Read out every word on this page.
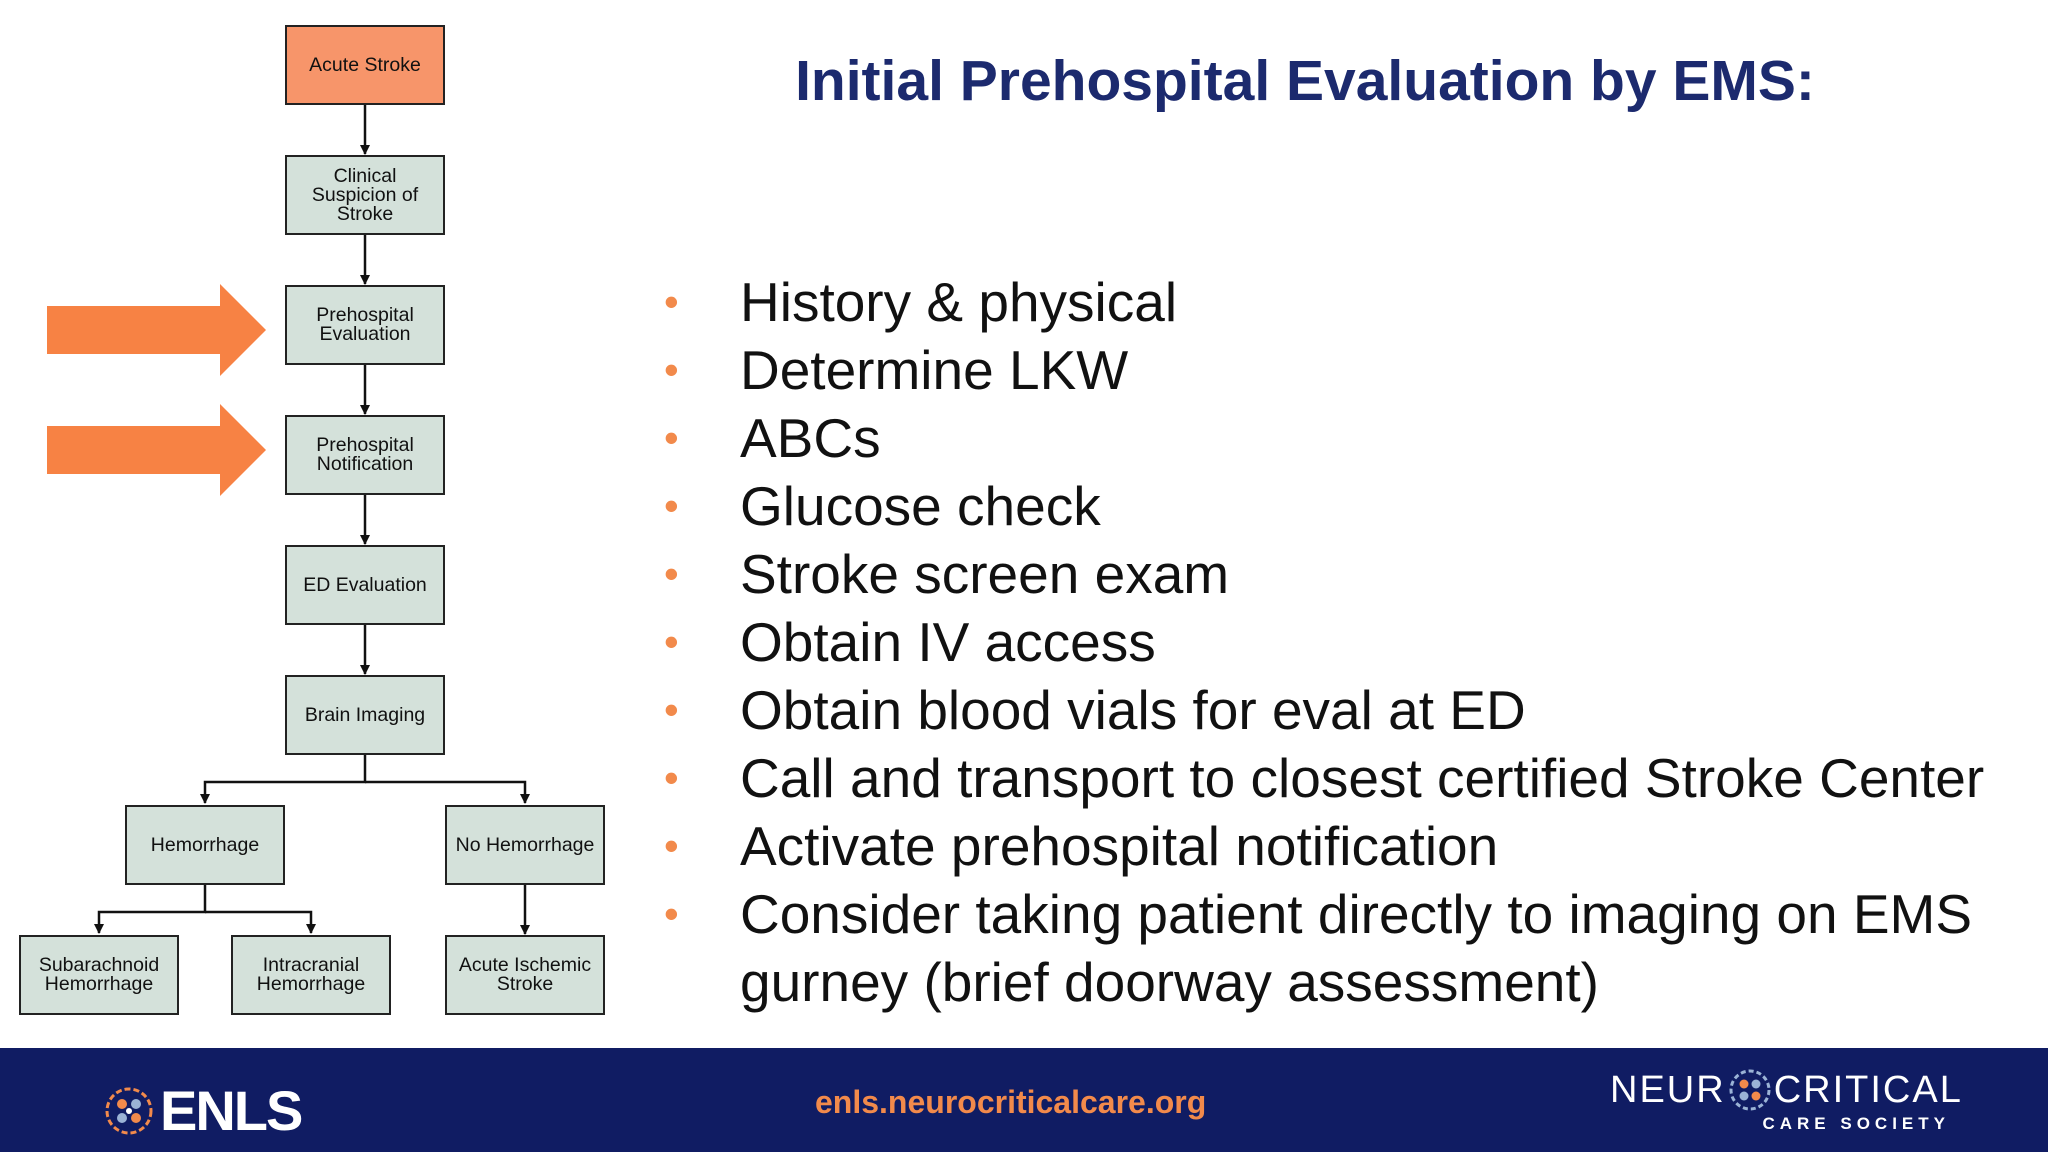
Acute Stroke
Clinical Suspicion of Stroke
Prehospital Evaluation
Prehospital Notification
ED Evaluation
Brain Imaging
Hemorrhage	No Hemorrhage
Subarachnoid Hemorrhage
Intracranial Hemorrhage
Acute Ischemic Stroke
Initial Prehospital Evaluation by EMS:
• History & physical
• Determine LKW
• ABCs
• Glucose check
• Stroke screen exam
• Obtain IV access
• Obtain blood vials for eval at ED
• Call and transport to closest certified Stroke Center
• Activate prehospital notification
• Consider taking patient directly to imaging on EMS gurney (brief doorway assessment)
ENLS	enls.neurocriticalcare.org	NEUR CRITICAL
CARE SOCIETY
